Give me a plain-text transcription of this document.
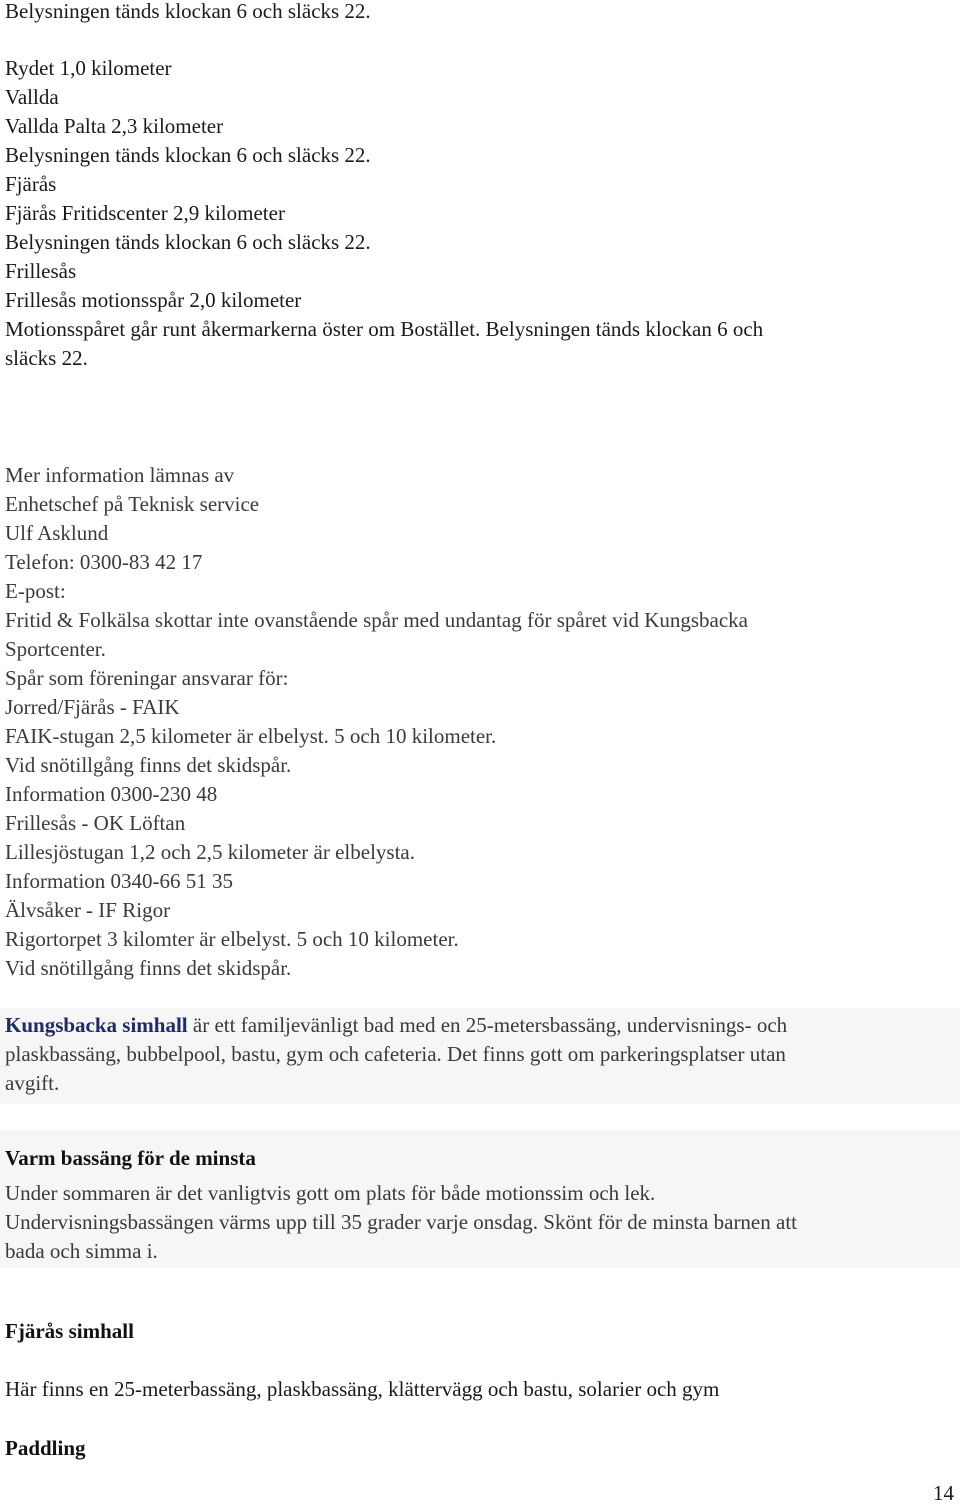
Belysningen tänds klockan 6 och släcks 22.
Rydet 1,0 kilometer
Vallda
Vallda Palta 2,3 kilometer
Belysningen tänds klockan 6 och släcks 22.
Fjärås
Fjärås Fritidscenter 2,9 kilometer
Belysningen tänds klockan 6 och släcks 22.
Frillesås
Frillesås motionsspår 2,0 kilometer
Motionsspåret går runt åkermarkerna öster om Bostället. Belysningen tänds klockan 6 och
släcks 22.
Mer information lämnas av
Enhetschef på Teknisk service
Ulf Asklund
Telefon: 0300-83 42 17
E-post:
Fritid & Folkälsa skottar inte ovanstående spår med undantag för spåret vid Kungsbacka
Sportcenter.
Spår som föreningar ansvarar för:
Jorred/Fjärås - FAIK
FAIK-stugan 2,5 kilometer är elbelyst. 5 och 10 kilometer.
Vid snötillgång finns det skidspår.
Information 0300-230 48
Frillesås - OK Löftan
Lillesjöstugan 1,2 och 2,5 kilometer är elbelysta.
Information 0340-66 51 35
Älvsåker - IF Rigor
Rigortorpet 3 kilomter är elbelyst. 5 och 10 kilometer.
Vid snötillgång finns det skidspår.
Kungsbacka simhall är ett familjevänligt bad med en 25-metersbassäng, undervisnings- och
plaskbassäng, bubbelpool, bastu, gym och cafeteria. Det finns gott om parkeringsplatser utan
avgift.
Varm bassäng för de minsta
Under sommaren är det vanligtvis gott om plats för både motionssim och lek.
Undervisningsbassängen värms upp till 35 grader varje onsdag. Skönt för de minsta barnen att
bada och simma i.
Fjärås simhall
Här finns en 25-meterbassäng, plaskbassäng, klättervägg och bastu, solarier och gym
Paddling
14
